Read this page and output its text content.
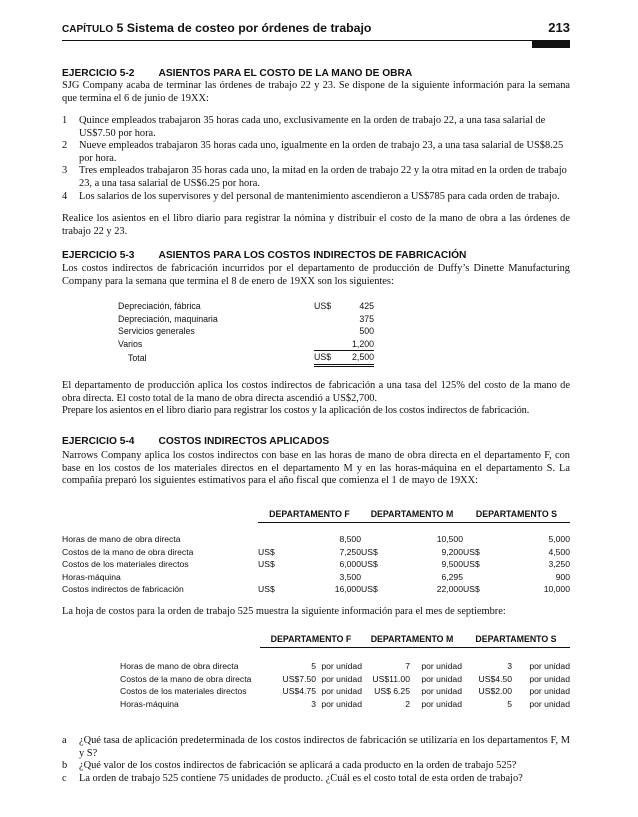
CAPÍTULO 5 Sistema de costeo por órdenes de trabajo	213
EJERCICIO 5-2 ASIENTOS PARA EL COSTO DE LA MANO DE OBRA

SJG Company acaba de terminar las órdenes de trabajo 22 y 23. Se dispone de la siguiente información para la semana que termina el 6 de junio de 19XX:

1 Quince empleados trabajaron 35 horas cada uno, exclusivamente en la orden de trabajo 22, a una tasa salarial de US$7.50 por hora.
2 Nueve empleados trabajaron 35 horas cada uno, igualmente en la orden de trabajo 23, a una tasa salarial de US$8.25 por hora.
3 Tres empleados trabajaron 35 horas cada uno, la mitad en la orden de trabajo 22 y la otra mitad en la orden de trabajo 23, a una tasa salarial de US$6.25 por hora.
4 Los salarios de los supervisores y del personal de mantenimiento ascendieron a US$785 para cada orden de trabajo.

Realice los asientos en el libro diario para registrar la nómina y distribuir el costo de la mano de obra a las órdenes de trabajo 22 y 23.

EJERCICIO 5-3 ASIENTOS PARA LOS COSTOS INDIRECTOS DE FABRICACIÓN

Los costos indirectos de fabricación incurridos por el departamento de producción de Duffy’s Dinette Manufacturing Company para la semana que termina el 8 de enero de 19XX son los siguientes:

Depreciación, fábrica	US$	425
Depreciación, maquinaria		375
Servicios generales		500
Varios		1,200
Total	US$	2,500

El departamento de producción aplica los costos indirectos de fabricación a una tasa del 125% del costo de la mano de obra directa. El costo total de la mano de obra directa ascendió a US$2,700.

Prepare los asientos en el libro diario para registrar los costos y la aplicación de los costos indirectos de fabricación.

EJERCICIO 5-4 COSTOS INDIRECTOS APLICADOS

Narrows Company aplica los costos indirectos con base en las horas de mano de obra directa en el departamento F, con base en los costos de los materiales directos en el departamento M y en las horas-máquina en el departamento S. La compañía preparó los siguientes estimativos para el año fiscal que comienza el 1 de mayo de 19XX:

	DEPARTAMENTO F		DEPARTAMENTO M		DEPARTAMENTO S	

Horas de mano de obra directa		8,500		10,500		5,000
Costos de la mano de obra directa	US$	7,250	US$	9,200	US$	4,500
Costos de los materiales directos	US$	6,000	US$	9,500	US$	3,250
Horas-máquina		3,500		6,295		900
Costos indirectos de fabricación	US$	16,000	US$	22,000	US$	10,000

La hoja de costos para la orden de trabajo 525 muestra la siguiente información para el mes de septiembre:

	DEPARTAMENTO F		DEPARTAMENTO M		DEPARTAMENTO S	

Horas de mano de obra directa	5	por unidad	7	por unidad	3	por unidad
Costos de la mano de obra directa	US$7.50	por unidad	US$11.00	por unidad	US$4.50	por unidad
Costos de los materiales directos	US$4.75	por unidad	US$ 6.25	por unidad	US$2.00	por unidad
Horas-máquina	3	por unidad	2	por unidad	5	por unidad
a ¿Qué tasa de aplicación predeterminada de los costos indirectos de fabricación se utilizaría en los departamentos F, M y S?
b ¿Qué valor de los costos indirectos de fabricación se aplicará a cada producto en la orden de trabajo 525?
c La orden de trabajo 525 contiene 75 unidades de producto. ¿Cuál es el costo total de esta orden de trabajo?
